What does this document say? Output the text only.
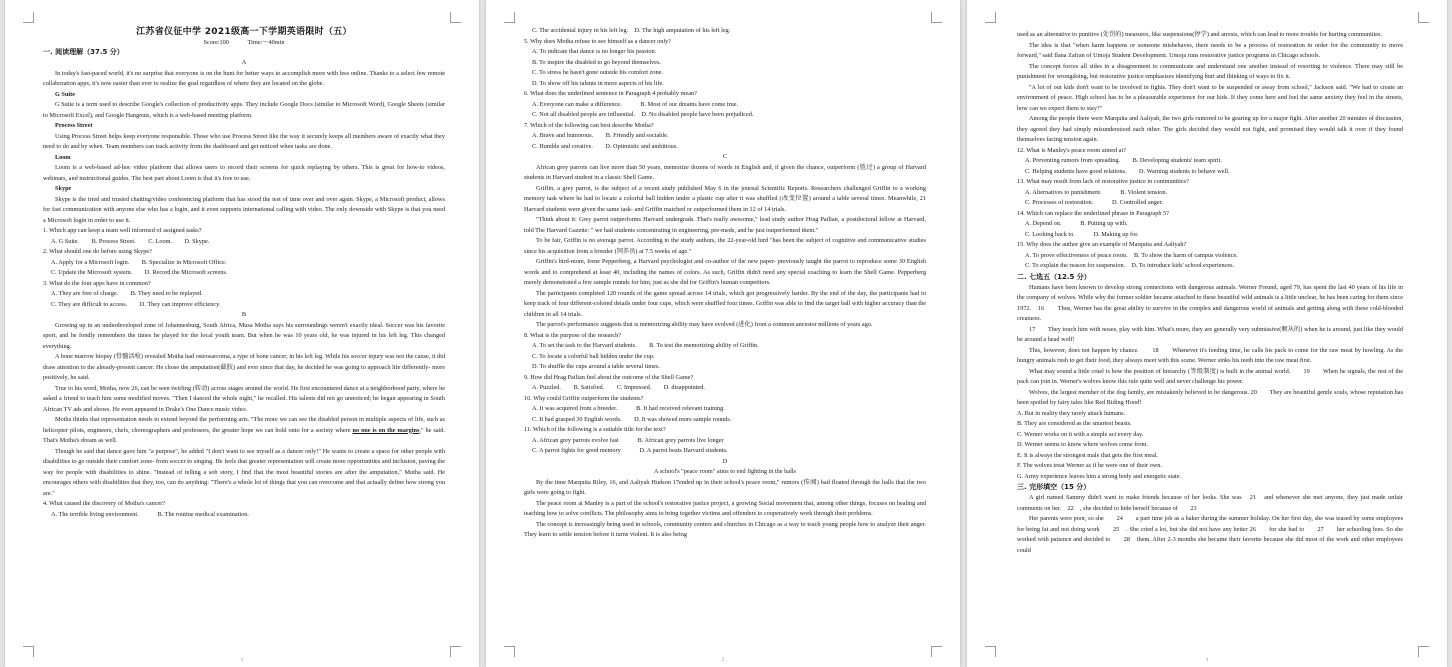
江苏省仪征中学 2021级高一下学期英语限时（五）

Score:100　　　Time:～40min

一. 阅读理解（37.5 分）

A

In today's fast-paced world, it's no surprise that everyone is on the hunt for better ways to accomplish more with less online. Thanks to a select few remote collaboration apps, it's now easier than ever to realize the goal regardless of where they are located on the globe.

G Suite

G Suite is a term used to describe Google's collection of productivity apps. They include Google Docs (similar to Microsoft Word), Google Sheets (similar to Microsoft Excel), and Google Hangouts, which is a web-based meeting platform.

Process Street

Using Process Street helps keep everyone responsible. Those who use Process Street like the way it securely keeps all members aware of exactly what they need to do and by when. Team members can track activity from the dashboard and get noticed when tasks are done.

Loom

Loom is a web-based ad-hoc video platform that allows users to record their screens for quick replaying by others. This is great for how-to videos, webinars, and instructional guides. The best part about Loom is that it's free to use.

Skype

Skype is the tried and trusted chatting/video conferencing platform that has stood the test of time over and over again. Skype, a Microsoft product, allows for fast communication with anyone else who has a login, and it even supports international calling with video. The only downside with Skype is that you need a Microsoft login in order to use it.

1. Which app can keep a team well informed of assigned tasks?

A. G Suite.　　B. Process Street.　　C. Loom.　　D. Skype.

2. What should one do before using Skype?

A. Apply for a Microsoft login.　　B. Specialize in Microsoft Office.

C. Update the Microsoft system.　　D. Record the Microsoft screens.

3. What do the four apps have in common?

A. They are free of charge.　　B. They need to be replayed.

C. They are difficult to access.　　D. They can improve efficiency.

B

Growing up in an underdeveloped zone of Johannesburg, South Africa, Musa Motha says his surroundings weren't exactly ideal. Soccer was his favorite sport, and he fondly remembers the times he played for the local youth team. But when he was 10 years old, he was injured in his left leg. This changed everything.

A bone marrow biopsy (骨髓活检) revealed Motha had osteosarcoma, a type of bone cancer, in his left leg. While his soccer injury was not the cause, it did draw attention to the already-present cancer. He chose the amputation(截肢) and ever since that day, he decided he was going to approach life differently- more positively, he said.

True to his word, Motha, now 26, can be seen twirling (转动) across stages around the world. He first encountered dance at a neighborhood party, where he asked a friend to teach him some modified moves. "Then I danced the whole night," he recalled. His talents did not go unnoticed; he began appearing in South African TV ads and shows. He even appeared in Drake's One Dance music video.

Motha thinks that representation needs to extend beyond the performing arts. "The more we can see the disabled person in multiple aspects of life, such as helicopter pilots, engineers, chefs, choreographers and professors, the greater hope we can hold onto for a society where no one is on the margins," he said. That's Motha's dream as well.

Though he said that dance gave him "a purpose", he added "I don't want to see myself as a dancer only!" He wants to create a space for other people with disabilities to go outside their comfort zone- from soccer to singing. He feels that greater representation will create more opportunities and inclusion, paving the way for people with disabilities to shine. "Instead of telling a sob story, I find that the most beautiful stories are after the amputation," Motha said. He encourages others with disabilities that they, too, can do anything: "There's a whole lot of things that you can overcome and that actually define how strong you are."

4. What caused the discovery of Motha's cancer?

A. The terrible living environment.　　　B. The routine medical examination.

1

C. The accidental injury in his left leg.　D. The high amputation of his left leg.

5. Why does Motha refuse to see himself as a dancer only?

A. To indicate that dance is no longer his passion.

B. To inspire the disabled to go beyond themselves.

C. To stress he hasn't gone outside his comfort zone.

D. To show off his talents in more aspects of his life.

6. What does the underlined sentence in Paragraph 4 probably mean?

A. Everyone can make a difference.　　　B. Most of our dreams have come true.

C. Not all disabled people are influential.　D. No disabled people have been prejudiced.

7. Which of the following can best describe Motha?

A. Brave and humorous.　　B. Friendly and sociable.

C. Humble and creative.　　D. Optimistic and ambitious.

C

African grey parrots can live more than 50 years, memorize dozens of words in English and, if given the chance, outperform (胜过) a group of Harvard students in Harvard student in a classic Shell Game.

Griffin, a grey parrot, is the subject of a recent study published May 6 in the journal Scientific Reports. Researchers challenged Griffin to a working memory task where he had to locate a colorful ball hidden under a plastic cup after it was shuffled (改变位置) around a table several times. Meanwhile, 21 Harvard students were given the same task- and Griffin matched or outperformed them in 12 of 14 trials.

"Think about it: Grey parrot outperforms Harvard undergrads. That's really awesome," lead study author Hrag Pailian, a postdoctoral fellow at Harvard, told The Harvard Gazette: " we had students concentrating in engineering, pre-meds, and he just outperformed them."

To be fair, Griffin is no average parrot. According to the study authors, the 22-year-old bird "has been the subject of cognitive and communicative studies since his acquisition from a breeder (饲养员) at 7.5 weeks of age."

Griffin's bird-mom, Irene Pepperberg, a Harvard psychologist and co-author of the new paper- previously taught the parrot to reproduce some 30 English words and to comprehend at least 40, including the names of colors. As such, Griffin didn't need any special coaching to learn the Shell Game. Pepperberg merely demonstrated a few sample rounds for him, just as she did for Griffin's human competitors.

The participants completed 120 rounds of the game spread across 14 trials, which got progressively harder. By the end of the day, the participants had to keep track of four different-colored details under four cups, which were shuffled four times. Griffin was able to find the target ball with higher accuracy than the children in all 14 trials.

The parrot's performance suggests that is memorizing ability may have evolved (进化) from a common ancestor millions of years ago.

8. What is the purpose of the research?

A. To set the task to the Harvard students.　　B. To test the memorizing ability of Griffin.

C. To locate a colorful ball hidden under the cup.

D. To shuffle the cups around a table several times.

9. How did Hrag Pailian feel about the outcome of the Shell Game?

A. Puzzled.　　B. Satisfied.　　C. Impressed.　　D. disappointed.

10. Why could Griffin outperform the students?

A. It was acquired from a breeder.　　　B. It had received relevant training.

C. It had grasped 30 English words.　　D. It was showed more sample rounds.

11. Which of the following is a suitable title for the text?

A. African grey parrots evolve fast　　　B. African grey parrots live longer

C. A parrot fights for good memory　　　D. A parrot beats Harvard students.

D

A school's "peace room" aims to end fighting in the halls

By the time Marquita Riley, 16, and Aaliyah Hudson 17ended up in their school's peace room," rumors (传闻) had floated through the halls that the two girls were going to fight.

The peace room at Manley is a part of the school's restorative justice project, a growing Social movement that, among other things, focuses on healing and teaching how to solve conflicts. The philosophy aims to bring together victims and offenders to cooperatively work through their problems.

The concept is increasingly being used in schools, community centers and churches in Chicago as a way to teach young people how to analyze their anger. They learn to settle tension before it turns violent. It is also being

2

used as an alternative to punitive (处罚的) measures, like suspensions(停学) and arrests, which can lead to more trouble for hurting communities.

The idea is that "when harm happens or someone misbehaves, there needs to be a process of restoration in order for the community to move forward," said Ilana Zafran of Umoja Student Development. Umoja runs restorative justice programs in Chicago schools.

The concept forces all sides in a disagreement to communicate and understand one another instead of resorting to violence. There may still be punishment for wrongdoing, but restorative justice emphasizes identifying hurt and thinking of ways to fix it.

"A lot of our kids don't want to be involved in fights. They don't want to be suspended or away from school," Jackson said. "We had to create an environment of peace. High school has to be a pleasurable experience for our kids. If they come here and feel the same anxiety they feel in the streets, how can we expect them to stay?"

Among the people there were Marquita and Aaliyah, the two girls rumored to be gearing up for a major fight. After another 20 minutes of discussion, they agreed they had simply misunderstood each other. The girls decided they would not fight, and promised they would talk it over if they found themselves facing tension again.

12. What is Manley's peace room aimed at?

A. Preventing rumors from spreading.　　B. Developing students' team spirit.

C. Helping students have good relations.　　D. Warning students to behave well.

13. What may result from lack of restorative justice in communities?

A. Alternatives to punishment.　　　B. Violent tension.

C. Processes of restoration.　　　D. Controlled anger.

14. Which can replace the underlined phrase in Paragraph 5?

A. Depend on.　　　B. Putting up with.

C. Looking back to.　　　D. Making up for.

15. Why does the author give an example of Marquita and Aaliyah?

A. To prove effectiveness of peace room.　B. To show the harm of campus violence.

C. To explain the reason for suspension.　D. To introduce kids' school experiences.

二. 七选五（12.5 分）

Humans have been known to develop strong connections with dangerous animals. Werner Freund, aged 79, has spent the last 40 years of his life in the company of wolves. While why the former soldier became attached to these beautiful wild animals is a little unclear, he has been caring for them since 1972.　16　　Thus, Werner has the great ability to survive in the complex and dangerous world of animals and getting along with these cold-blooded creatures.

17　　They touch him with noses, play with him. What's more, they are generally very submissive(顺从的) when he is around, just like they would be around a head wolf!

This, however, does not happen by chance.　　18　　Whenever it's feeding time, he calls his pack to come for the raw meat by howling. As the hungry animals rush to get their food, they always meet with this scene. Werner sinks his teeth into the raw meat first.

What may sound a little cruel is how the position of hierarchy (等级制度) is built in the animal world.　　19　　When he signals, the rest of the pack can join in. Werner's wolves know this rule quite well and never challenge his power.

Wolves, the largest member of the dog family, are mistakenly believed to be dangerous. 20　　They are beautiful gentle souls, whose reputation has been spoiled by fairy tales like Red Riding Hood!

A. But in reality they rarely attack humans.

B. They are considered as the smartest beasts.

C. Werner works on it with a simple act every day.

D. Werner seems to know where wolves come from.

E. It is always the strongest male that gets the first meal.

F. The wolves treat Werner as if he were one of their own.

G. Army experience leaves him a strong body and energetic state.

三. 完形填空（15 分）

A girl named Sammy didn't want to make friends because of her looks. She was　21　and whenever she met anyone, they just made unfair comments on her.　22　, she decided to hide herself because of　　23

Her parents were poor, so she　　24　　a part time job as a baker during the summer holiday. On her first day, she was teased by some employees for being fat and not doing work　　25　. She cried a lot, but she did not have any better 26　　for she had to　　27　　her schooling fees. So she worked with patience and decided to　　28　them. After 2-3 months she became their favorite because she did most of the work and other employees could

3
